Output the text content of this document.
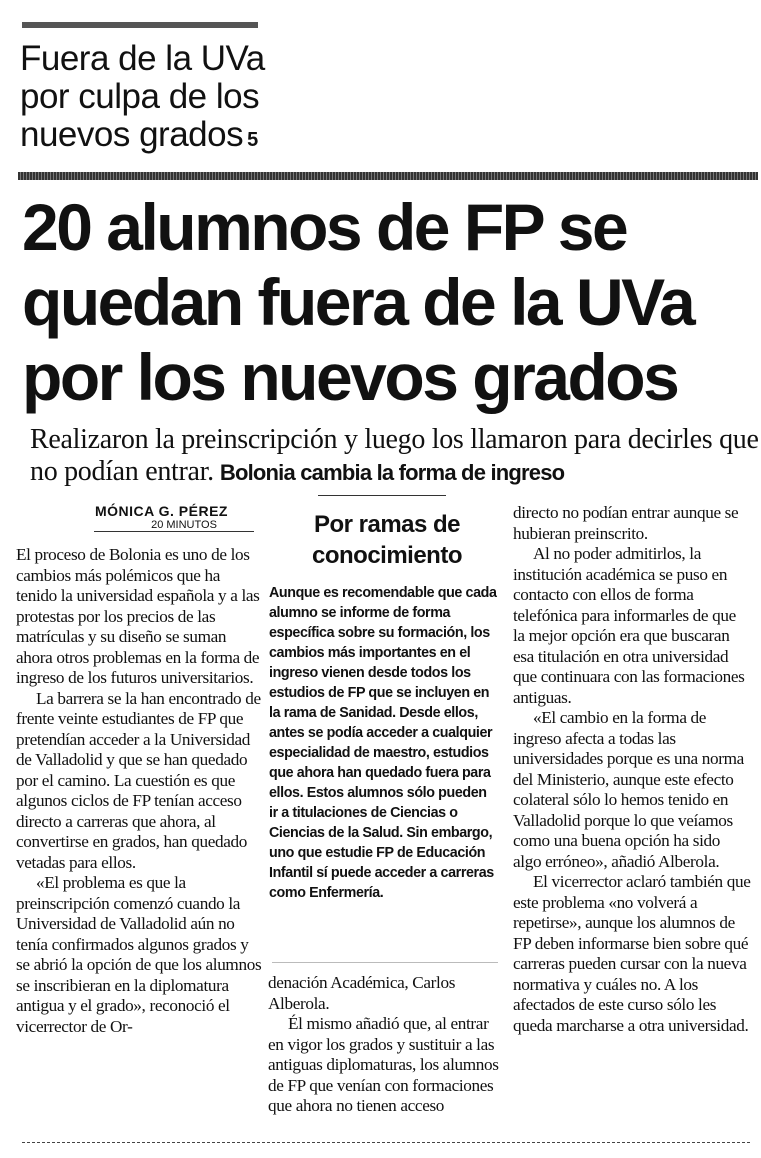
Fuera de la UVa por culpa de los nuevos grados 5
20 alumnos de FP se quedan fuera de la UVa por los nuevos grados
Realizaron la preinscripción y luego los llamaron para decirles que no podían entrar. Bolonia cambia la forma de ingreso
MÓNICA G. PÉREZ
20 MINUTOS

El proceso de Bolonia es uno de los cambios más polémicos que ha tenido la universidad española y a las protestas por los precios de las matrículas y su diseño se suman ahora otros problemas en la forma de ingreso de los futuros universitarios.

La barrera se la han encontrado de frente veinte estudiantes de FP que pretendían acceder a la Universidad de Valladolid y que se han quedado por el camino. La cuestión es que algunos ciclos de FP tenían acceso directo a carreras que ahora, al convertirse en grados, han quedado vetadas para ellos.

«El problema es que la preinscripción comenzó cuando la Universidad de Valladolid aún no tenía confirmados algunos grados y se abrió la opción de que los alumnos se inscribieran en la diplomatura antigua y el grado», reconoció el vicerrector de Or-

Por ramas de conocimiento
Aunque es recomendable que cada alumno se informe de forma específica sobre su formación, los cambios más importantes en el ingreso vienen desde todos los estudios de FP que se incluyen en la rama de Sanidad. Desde ellos, antes se podía acceder a cualquier especialidad de maestro, estudios que ahora han quedado fuera para ellos. Estos alumnos sólo pueden ir a titulaciones de Ciencias o Ciencias de la Salud. Sin embargo, uno que estudie FP de Educación Infantil sí puede acceder a carreras como Enfermería.

denación Académica, Carlos Alberola.

Él mismo añadió que, al entrar en vigor los grados y sustituir a las antiguas diplomaturas, los alumnos de FP que venían con formaciones que ahora no tienen acceso

directo no podían entrar aunque se hubieran preinscrito.

Al no poder admitirlos, la institución académica se puso en contacto con ellos de forma telefónica para informarles de que la mejor opción era que buscaran esa titulación en otra universidad que continuara con las formaciones antiguas.

«El cambio en la forma de ingreso afecta a todas las universidades porque es una norma del Ministerio, aunque este efecto colateral sólo lo hemos tenido en Valladolid porque lo que veíamos como una buena opción ha sido algo erróneo», añadió Alberola.

El vicerrector aclaró también que este problema «no volverá a repetirse», aunque los alumnos de FP deben informarse bien sobre qué carreras pueden cursar con la nueva normativa y cuáles no. A los afectados de este curso sólo les queda marcharse a otra universidad.
